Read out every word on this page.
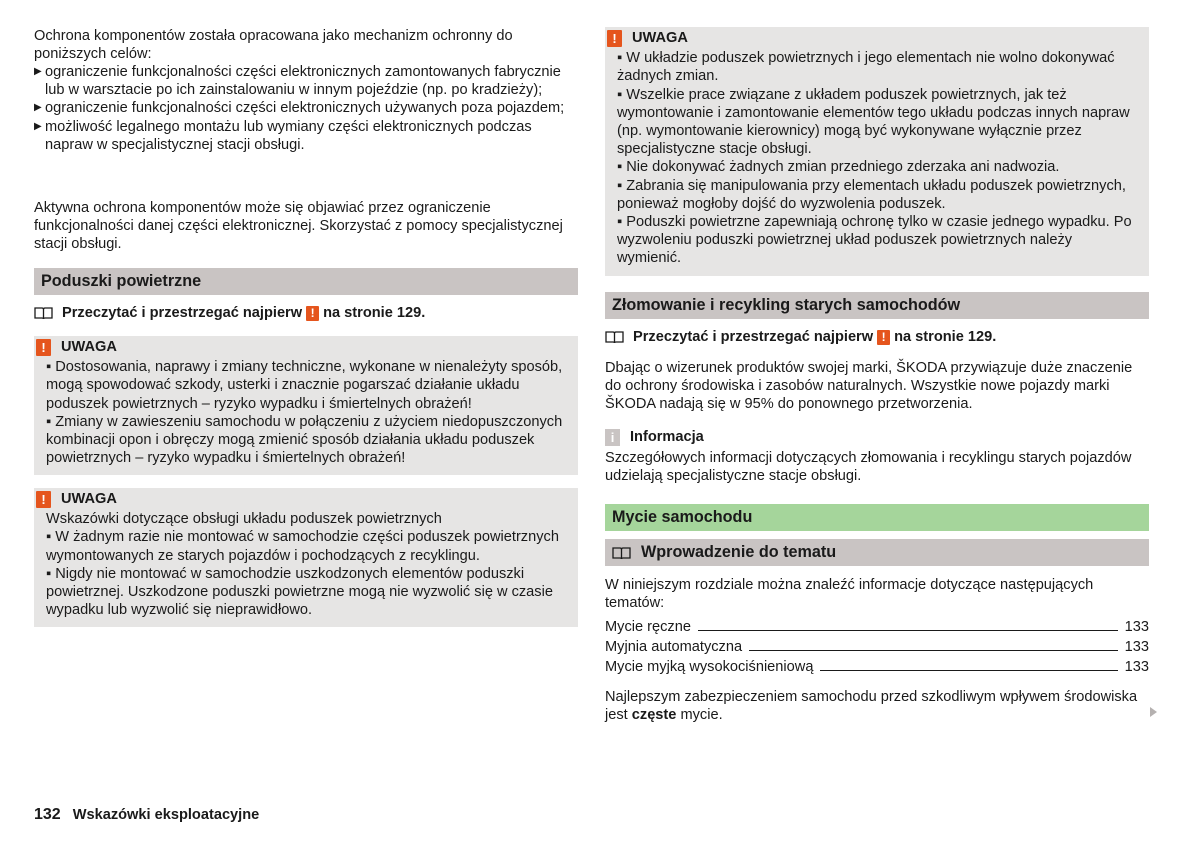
Ochrona komponentów została opracowana jako mechanizm ochronny do poniższych celów:

▶ ograniczenie funkcjonalności części elektronicznych zamontowanych fabrycznie lub w warsztacie po ich zainstalowaniu w innym pojeździe (np. po kradzieży);
▶ ograniczenie funkcjonalności części elektronicznych używanych poza pojazdem;
▶ możliwość legalnego montażu lub wymiany części elektronicznych podczas napraw w specjalistycznej stacji obsługi.

Aktywna ochrona komponentów może się objawiać przez ograniczenie funkcjonalności danej części elektronicznej. Skorzystać z pomocy specjalistycznej stacji obsługi.

Poduszki powietrzne
Przeczytać i przestrzegać najpierw ! na stronie 129.
!	UWAGA
▪ Dostosowania, naprawy i zmiany techniczne, wykonane w nienależyty sposób, mogą spowodować szkody, usterki i znacznie pogarszać działanie układu poduszek powietrznych – ryzyko wypadku i śmiertelnych obrażeń!
▪ Zmiany w zawieszeniu samochodu w połączeniu z użyciem niedopuszczonych kombinacji opon i obręczy mogą zmienić sposób działania układu poduszek powietrznych – ryzyko wypadku i śmiertelnych obrażeń!
!	UWAGA
Wskazówki dotyczące obsługi układu poduszek powietrznych
▪ W żadnym razie nie montować w samochodzie części poduszek powietrznych wymontowanych ze starych pojazdów i pochodzących z recyklingu.
▪ Nigdy nie montować w samochodzie uszkodzonych elementów poduszki powietrznej. Uszkodzone poduszki powietrzne mogą nie wyzwolić się w czasie wypadku lub wyzwolić się nieprawidłowo.
!	UWAGA
▪ W układzie poduszek powietrznych i jego elementach nie wolno dokonywać żadnych zmian.
▪ Wszelkie prace związane z układem poduszek powietrznych, jak też wymontowanie i zamontowanie elementów tego układu podczas innych napraw (np. wymontowanie kierownicy) mogą być wykonywane wyłącznie przez specjalistyczne stacje obsługi.
▪ Nie dokonywać żadnych zmian przedniego zderzaka ani nadwozia.
▪ Zabrania się manipulowania przy elementach układu poduszek powietrznych, ponieważ mogłoby dojść do wyzwolenia poduszek.
▪ Poduszki powietrzne zapewniają ochronę tylko w czasie jednego wypadku. Po wyzwoleniu poduszki powietrznej układ poduszek powietrznych należy wymienić.
Złomowanie i recykling starych samochodów
Przeczytać i przestrzegać najpierw ! na stronie 129.

Dbając o wizerunek produktów swojej marki, ŠKODA przywiązuje duże znaczenie do ochrony środowiska i zasobów naturalnych. Wszystkie nowe pojazdy marki ŠKODA nadają się w 95% do ponownego przetworzenia.

i	Informacja

Szczegółowych informacji dotyczących złomowania i recyklingu starych pojazdów udzielają specjalistyczne stacje obsługi.

Mycie samochodu
Wprowadzenie do tematu

W niniejszym rozdziale można znaleźć informacje dotyczące następujących tematów:

Mycie ręczne	133
Myjnia automatyczna	133
Mycie myjką wysokociśnieniową	133

Najlepszym zabezpieczeniem samochodu przed szkodliwym wpływem środowiska jest częste mycie.

132 Wskazówki eksploatacyjne
